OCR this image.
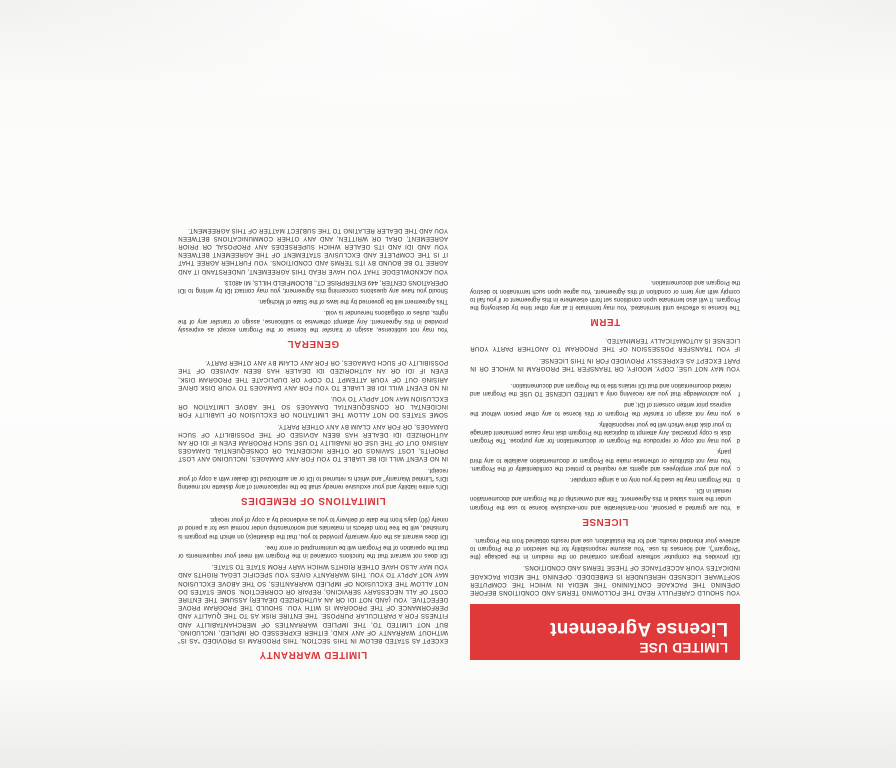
LIMITED USE
License Agreement

YOU SHOULD CAREFULLY READ THE FOLLOWING TERMS AND CONDITIONS BEFORE OPENING THE PACKAGE CONTAINING THE MEDIA IN WHICH THE COMPUTER SOFTWARE LICENSED HEREUNDER IS EMBEDDED. OPENING THE MEDIA PACKAGE INDICATES YOUR ACCEPTANCE OF THESE TERMS AND CONDITIONS.

IDI provides the computer software program contained on the medium in the package (the "Program"), and licenses its use. You assume responsibility for the selection of the Program to achieve your intended results, and for the installation, use and results obtained from the Program.

LICENSE
a
You are granted a personal, non-transferable and non-exclusive license to use the Program under the terms stated in this Agreement. Title and ownership of the Program and documentation remain in IDI.
b
the Program may be used by you only on a single computer.
c
you and your employees and agents are required to protect the confidentiality of the Program. You may not distribute or otherwise make the Program or documentation available to any third party.
d
you may not copy or reproduce the Program or documentation for any purpose. The Program disk is copy protected. Any attempt to duplicate the Program disk may cause permanent damage to your disk drive which will be your responsibility.
e
you may not assign or transfer the Program or this license to any other person without the express prior written consent of IDI; and
f
you acknowledge that you are receiving only a LIMITED LICENSE TO USE the Program and related documentation and that IDI retains title to the Program and documentation.

YOU MAY NOT USE, COPY, MODIFY, OR TRANSFER THE PROGRAM IN WHOLE OR IN PART EXCEPT AS EXPRESSLY PROVIDED FOR IN THIS LICENSE.

IF YOU TRANSFER POSSESSION OF THE PROGRAM TO ANOTHER PARTY YOUR LICENSE IS AUTOMATICALLY TERMINATED.

TERM

The license is effective until terminated. You may terminate it at any other time by destroying the Program. It will also terminate upon conditions set forth elsewhere in this Agreement or if you fail to comply with any term or condition of this Agreement. You agree upon such termination to destroy the Program and documentation.

LIMITED WARRANTY

EXCEPT AS STATED BELOW IN THIS SECTION, THIS PROGRAM IS PROVIDED "AS IS" WITHOUT WARRANTY OF ANY KIND, EITHER EXPRESSED OR IMPLIED, INCLUDING, BUT NOT LIMITED TO, THE IMPLIED WARRANTIES OF MERCHANTABILITY AND FITNESS FOR A PARTICULAR PURPOSE. THE ENTIRE RISK AS TO THE QUALITY AND PERFORMANCE OF THE PROGRAM IS WITH YOU. SHOULD THE PROGRAM PROVE DEFECTIVE, YOU (AND NOT IDI OR AN AUTHORIZED DEALER) ASSUME THE ENTIRE COST OF ALL NECESSARY SERVICING, REPAIR OR CORRECTION. SOME STATES DO NOT ALLOW THE EXCLUSION OF IMPLIED WARRANTIES, SO THE ABOVE EXCLUSION MAY NOT APPLY TO YOU. THIS WARRANTY GIVES YOU SPECIFIC LEGAL RIGHTS AND YOU MAY ALSO HAVE OTHER RIGHTS WHICH VARY FROM STATE TO STATE.

IDI does not warrant that the functions contained in the Program will meet your requirements or that the operation of the Program will be uninterrupted or error free.

IDI does warrant as the only warranty provided to you, that the diskette(s) on which the program is furnished, will be free from defects in materials and workmanship under normal use for a period of ninety (90) days from the date of delivery to you as evidenced by a copy of your receipt.

LIMITATIONS OF REMEDIES

IDI's entire liability and your exclusive remedy shall be the replacement of any diskette not meeting IDI's "Limited Warranty" and which is returned to IDI or an authorized IDI dealer with a copy of your receipt.

IN NO EVENT WILL IDI BE LIABLE TO YOU FOR ANY DAMAGES, INCLUDING ANY LOST PROFITS, LOST SAVINGS OR OTHER INCIDENTAL OR CONSEQUENTIAL DAMAGES ARISING OUT OF THE USE OR INABILITY TO USE SUCH PROGRAM EVEN IF IDI OR AN AUTHORIZED IDI DEALER HAS BEEN ADVISED OF THE POSSIBILITY OF SUCH DAMAGES, OR FOR ANY CLAIM BY ANY OTHER PARTY.

SOME STATES DO NOT ALLOW THE LIMITATION OR EXCLUSION OF LIABILITY FOR INCIDENTAL OR CONSEQUENTIAL DAMAGES SO THE ABOVE LIMITATION OR EXCLUSION MAY NOT APPLY TO YOU.

IN NO EVENT WILL IDI BE LIABLE TO YOU FOR ANY DAMAGES TO YOUR DISK DRIVE ARISING OUT OF YOUR ATTEMPT TO COPY OR DUPLICATE THE PROGRAM DISK, EVEN IF IDI OR AN AUTHORIZED IDI DEALER HAS BEEN ADVISED OF THE POSSIBILITY OF SUCH DAMAGES, OR FOR ANY CLAIM BY ANY OTHER PARTY.

GENERAL

You may not sublicense, assign or transfer the license or the Program except as expressly provided in this Agreement. Any attempt otherwise to sublicense, assign or transfer any of the rights, duties or obligations hereunder is void.

This Agreement will be governed by the laws of the State of Michigan.

Should you have any questions concerning this Agreement, you may contact IDI by writing to IDI OPERATIONS CENTER, 449 ENTERPRISE CT., BLOOMFIELD HILLS, MI 48013.

YOU ACKNOWLEDGE THAT YOU HAVE READ THIS AGREEMENT, UNDERSTAND IT AND AGREE TO BE BOUND BY ITS TERMS AND CONDITIONS. YOU FURTHER AGREE THAT IT IS THE COMPLETE AND EXCLUSIVE STATEMENT OF THE AGREEMENT BETWEEN YOU AND IDI AND ITS DEALER WHICH SUPERSEDES ANY PROPOSAL OR PRIOR AGREEMENT, ORAL OR WRITTEN, AND ANY OTHER COMMUNICATIONS BETWEEN YOU AND THE DEALER RELATING TO THE SUBJECT MATTER OF THIS AGREEMENT.
